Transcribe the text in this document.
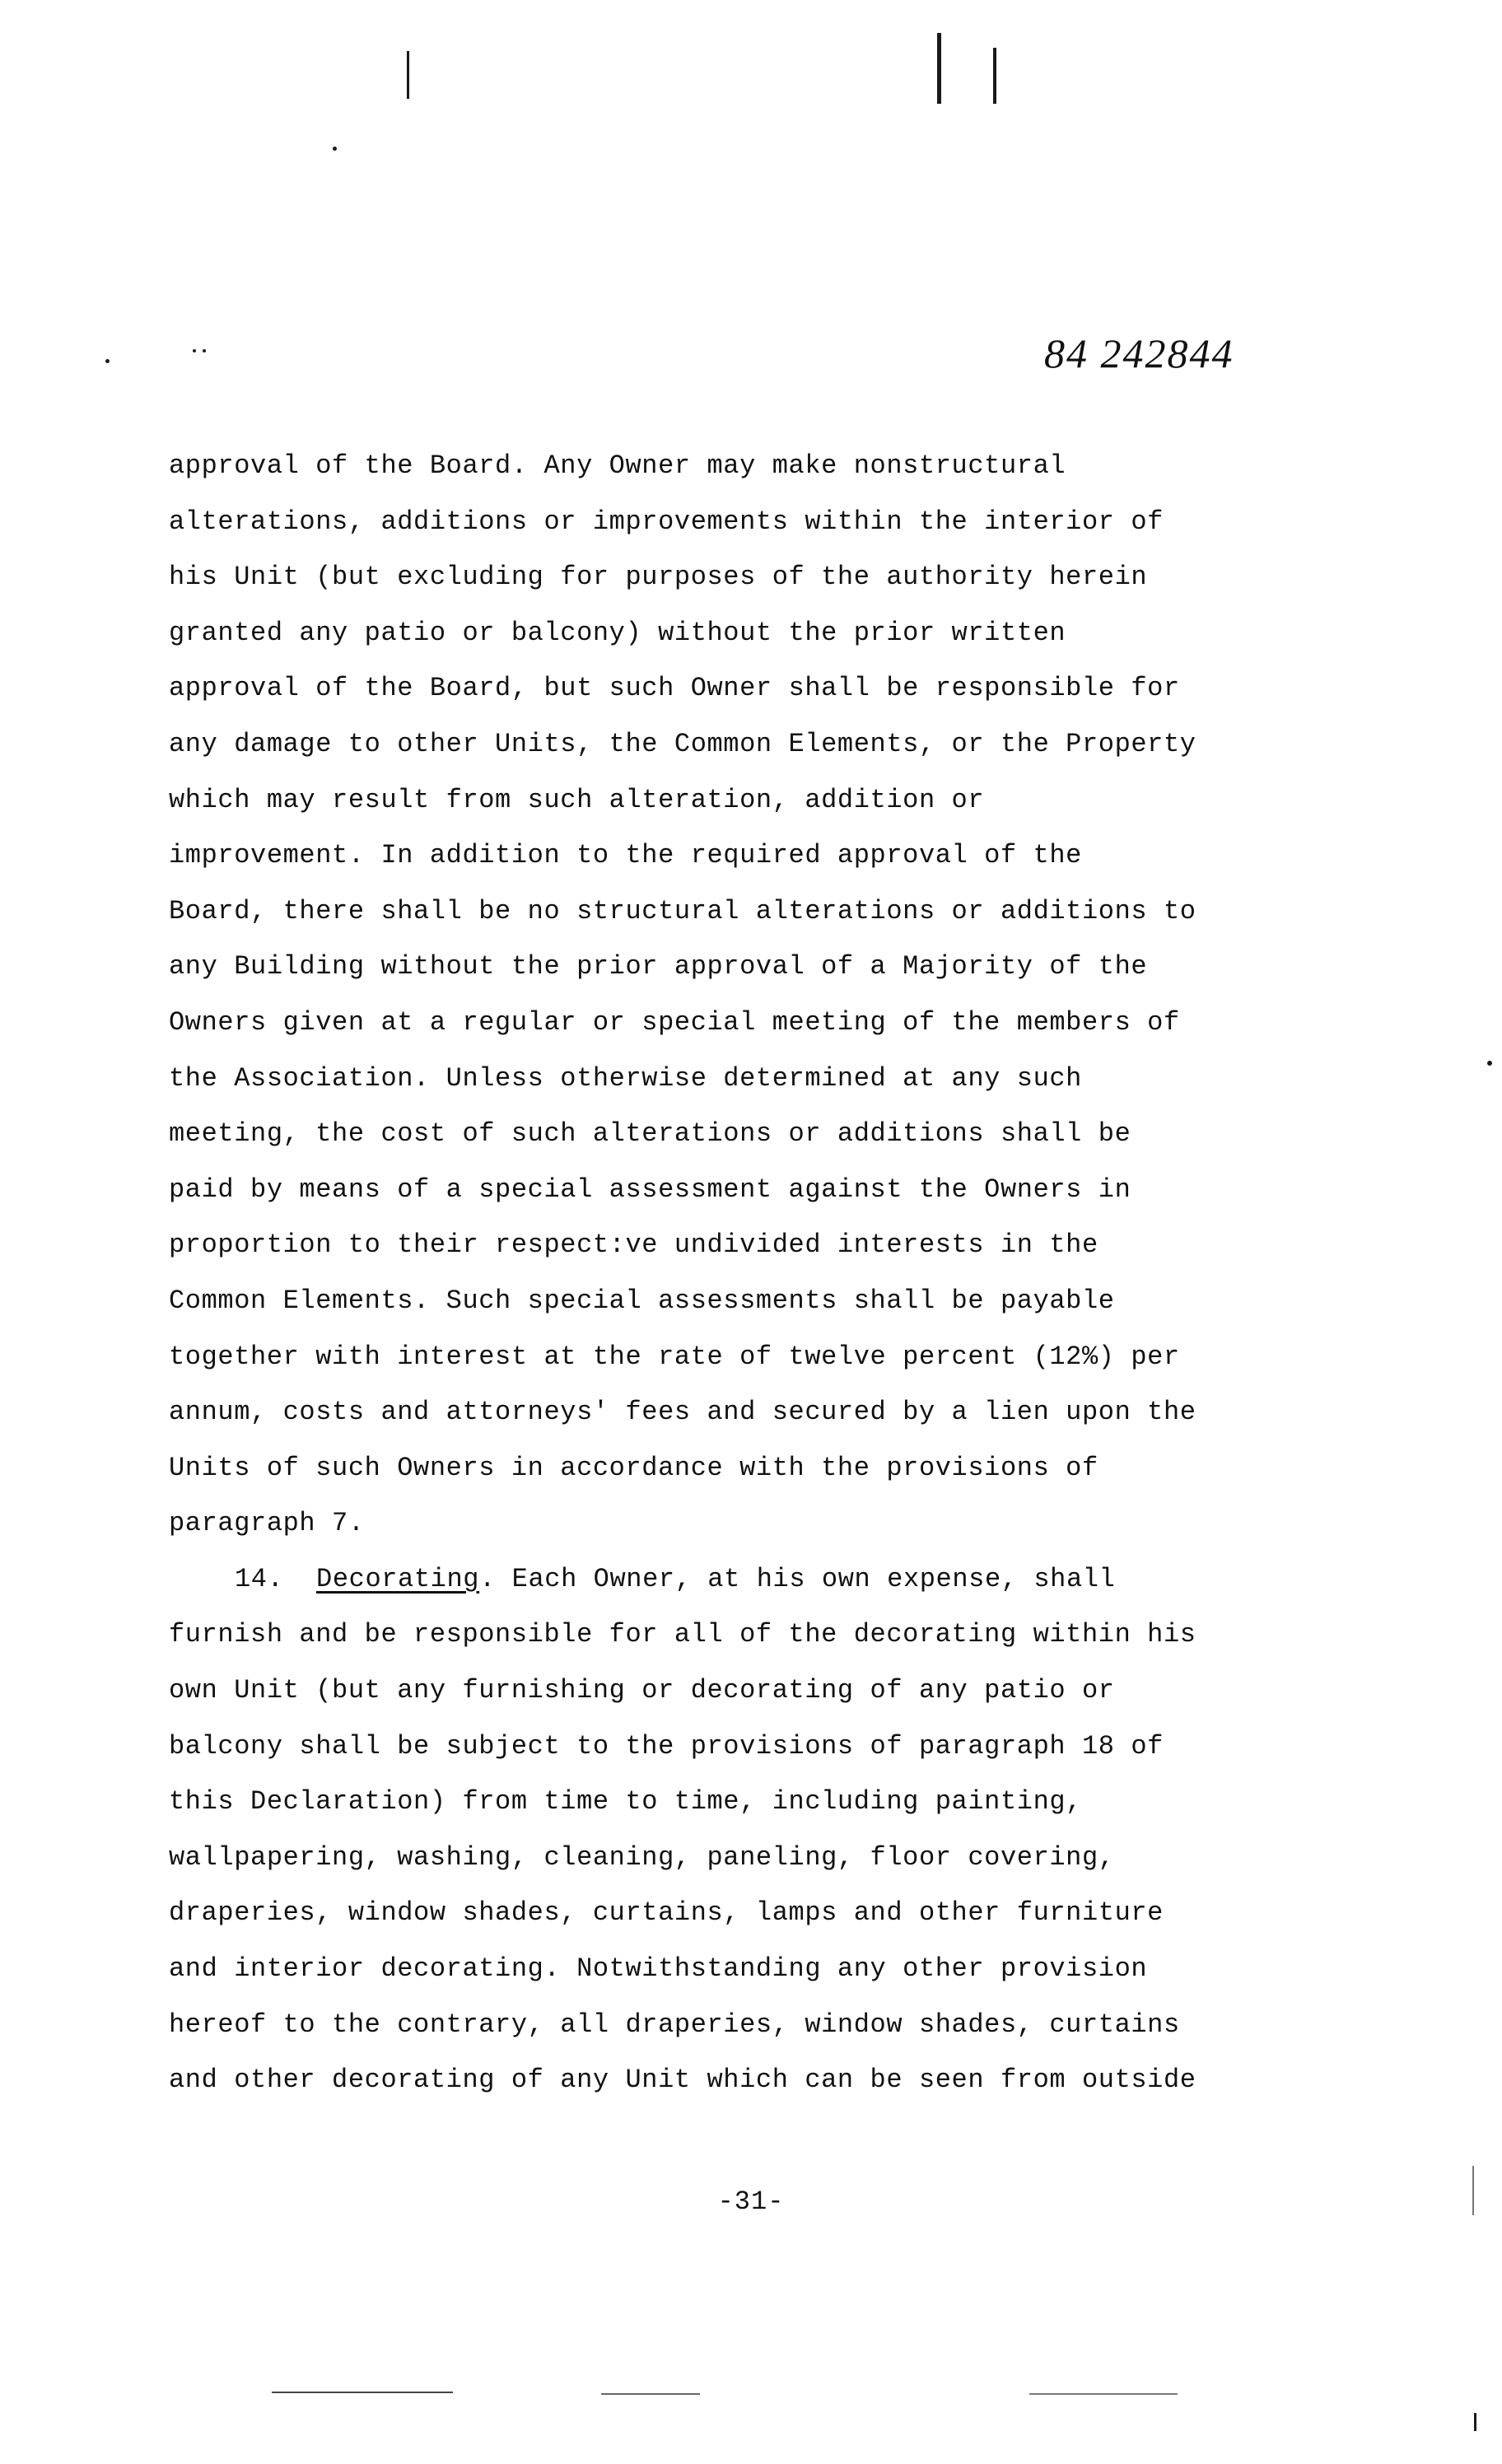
84 242844
approval of the Board. Any Owner may make nonstructural
alterations, additions or improvements within the interior of
his Unit (but excluding for purposes of the authority herein
granted any patio or balcony) without the prior written
approval of the Board, but such Owner shall be responsible for
any damage to other Units, the Common Elements, or the Property
which may result from such alteration, addition or
improvement. In addition to the required approval of the
Board, there shall be no structural alterations or additions to
any Building without the prior approval of a Majority of the
Owners given at a regular or special meeting of the members of
the Association. Unless otherwise determined at any such
meeting, the cost of such alterations or additions shall be
paid by means of a special assessment against the Owners in
proportion to their respect:ve undivided interests in the
Common Elements. Such special assessments shall be payable
together with interest at the rate of twelve percent (12%) per
annum, costs and attorneys' fees and secured by a lien upon the
Units of such Owners in accordance with the provisions of
paragraph 7.
14. Decorating. Each Owner, at his own expense, shall
furnish and be responsible for all of the decorating within his
own Unit (but any furnishing or decorating of any patio or
balcony shall be subject to the provisions of paragraph 18 of
this Declaration) from time to time, including painting,
wallpapering, washing, cleaning, paneling, floor covering,
draperies, window shades, curtains, lamps and other furniture
and interior decorating. Notwithstanding any other provision
hereof to the contrary, all draperies, window shades, curtains
and other decorating of any Unit which can be seen from outside
-31-
